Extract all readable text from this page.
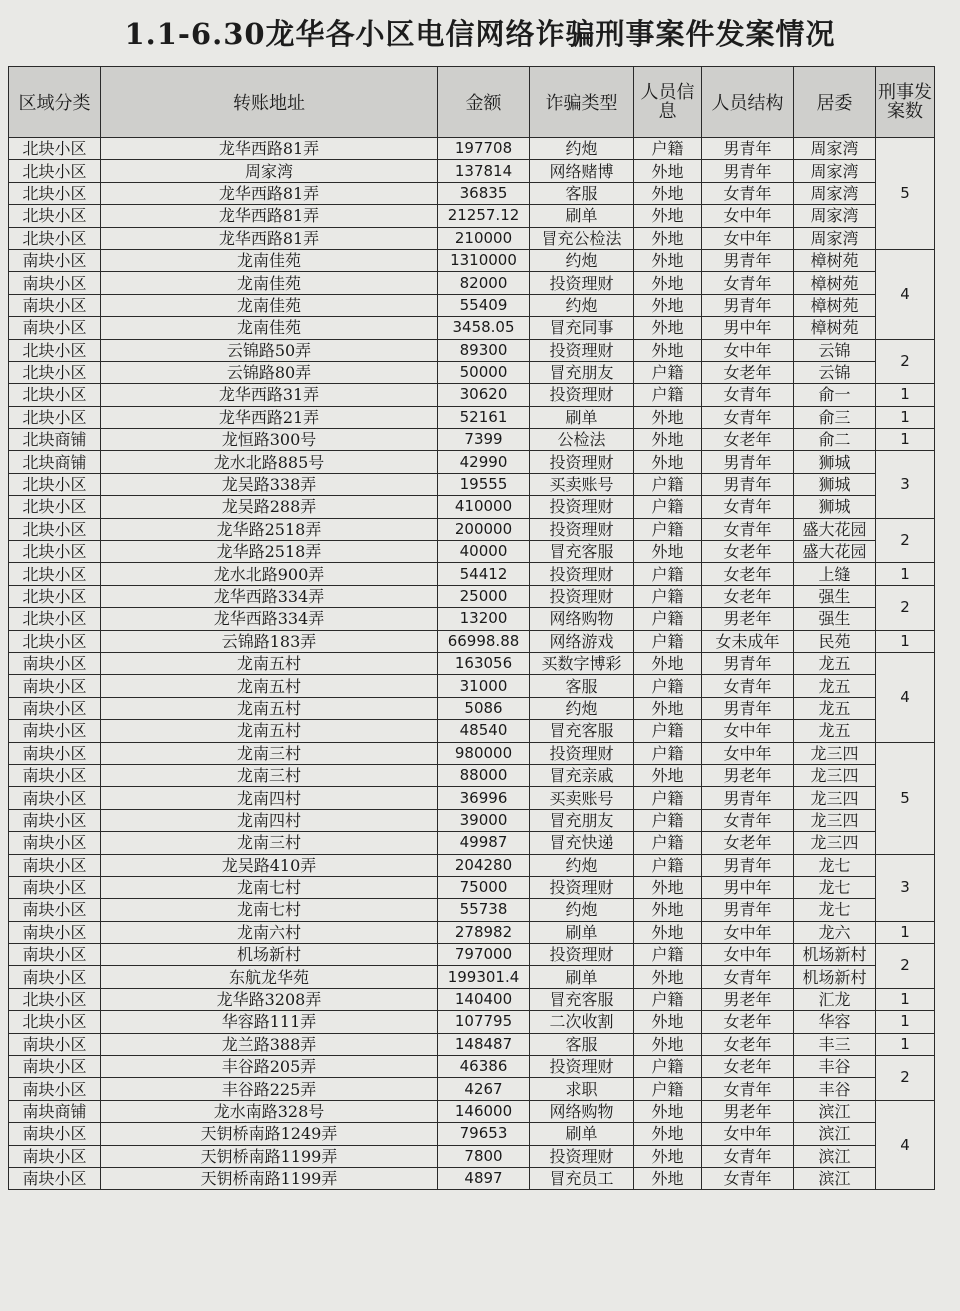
1.1-6.30龙华各小区电信网络诈骗刑事案件发案情况
区域分类	转账地址	金额	诈骗类型	人员信息	人员结构	居委	刑事发案数
北块小区	龙华西路81弄	197708	约炮	户籍	男青年	周家湾	5
北块小区	周家湾	137814	网络赌博	外地	男青年	周家湾	
北块小区	龙华西路81弄	36835	客服	外地	女青年	周家湾	
北块小区	龙华西路81弄	21257.12	刷单	外地	女中年	周家湾	
北块小区	龙华西路81弄	210000	冒充公检法	外地	女中年	周家湾	
南块小区	龙南佳苑	1310000	约炮	外地	男青年	樟树苑	4
南块小区	龙南佳苑	82000	投资理财	外地	女青年	樟树苑	
南块小区	龙南佳苑	55409	约炮	外地	男青年	樟树苑	
南块小区	龙南佳苑	3458.05	冒充同事	外地	男中年	樟树苑	
北块小区	云锦路50弄	89300	投资理财	外地	女中年	云锦	2
北块小区	云锦路80弄	50000	冒充朋友	户籍	女老年	云锦	
北块小区	龙华西路31弄	30620	投资理财	户籍	女青年	俞一	1
北块小区	龙华西路21弄	52161	刷单	外地	女青年	俞三	1
北块商铺	龙恒路300号	7399	公检法	外地	女老年	俞二	1
北块商铺	龙水北路885号	42990	投资理财	外地	男青年	狮城	3
北块小区	龙吴路338弄	19555	买卖账号	户籍	男青年	狮城	
北块小区	龙吴路288弄	410000	投资理财	户籍	女青年	狮城	
北块小区	龙华路2518弄	200000	投资理财	户籍	女青年	盛大花园	2
北块小区	龙华路2518弄	40000	冒充客服	外地	女老年	盛大花园	
北块小区	龙水北路900弄	54412	投资理财	户籍	女老年	上缝	1
北块小区	龙华西路334弄	25000	投资理财	户籍	女老年	强生	2
北块小区	龙华西路334弄	13200	网络购物	户籍	男老年	强生	
北块小区	云锦路183弄	66998.88	网络游戏	户籍	女未成年	民苑	1
南块小区	龙南五村	163056	买数字博彩	外地	男青年	龙五	4
南块小区	龙南五村	31000	客服	户籍	女青年	龙五	
南块小区	龙南五村	5086	约炮	外地	男青年	龙五	
南块小区	龙南五村	48540	冒充客服	户籍	女中年	龙五	
南块小区	龙南三村	980000	投资理财	户籍	女中年	龙三四	5
南块小区	龙南三村	88000	冒充亲戚	外地	男老年	龙三四	
南块小区	龙南四村	36996	买卖账号	户籍	男青年	龙三四	
南块小区	龙南四村	39000	冒充朋友	户籍	女青年	龙三四	
南块小区	龙南三村	49987	冒充快递	户籍	女老年	龙三四	
南块小区	龙吴路410弄	204280	约炮	户籍	男青年	龙七	3
南块小区	龙南七村	75000	投资理财	外地	男中年	龙七	
南块小区	龙南七村	55738	约炮	外地	男青年	龙七	
南块小区	龙南六村	278982	刷单	外地	女中年	龙六	1
南块小区	机场新村	797000	投资理财	户籍	女中年	机场新村	2
南块小区	东航龙华苑	199301.4	刷单	外地	女青年	机场新村	
北块小区	龙华路3208弄	140400	冒充客服	户籍	男老年	汇龙	1
北块小区	华容路111弄	107795	二次收割	外地	女老年	华容	1
南块小区	龙兰路388弄	148487	客服	外地	女老年	丰三	1
南块小区	丰谷路205弄	46386	投资理财	户籍	女老年	丰谷	2
南块小区	丰谷路225弄	4267	求职	户籍	女青年	丰谷	
南块商铺	龙水南路328号	146000	网络购物	外地	男老年	滨江	4
南块小区	天钥桥南路1249弄	79653	刷单	外地	女中年	滨江	
南块小区	天钥桥南路1199弄	7800	投资理财	外地	女青年	滨江	
南块小区	天钥桥南路1199弄	4897	冒充员工	外地	女青年	滨江	
